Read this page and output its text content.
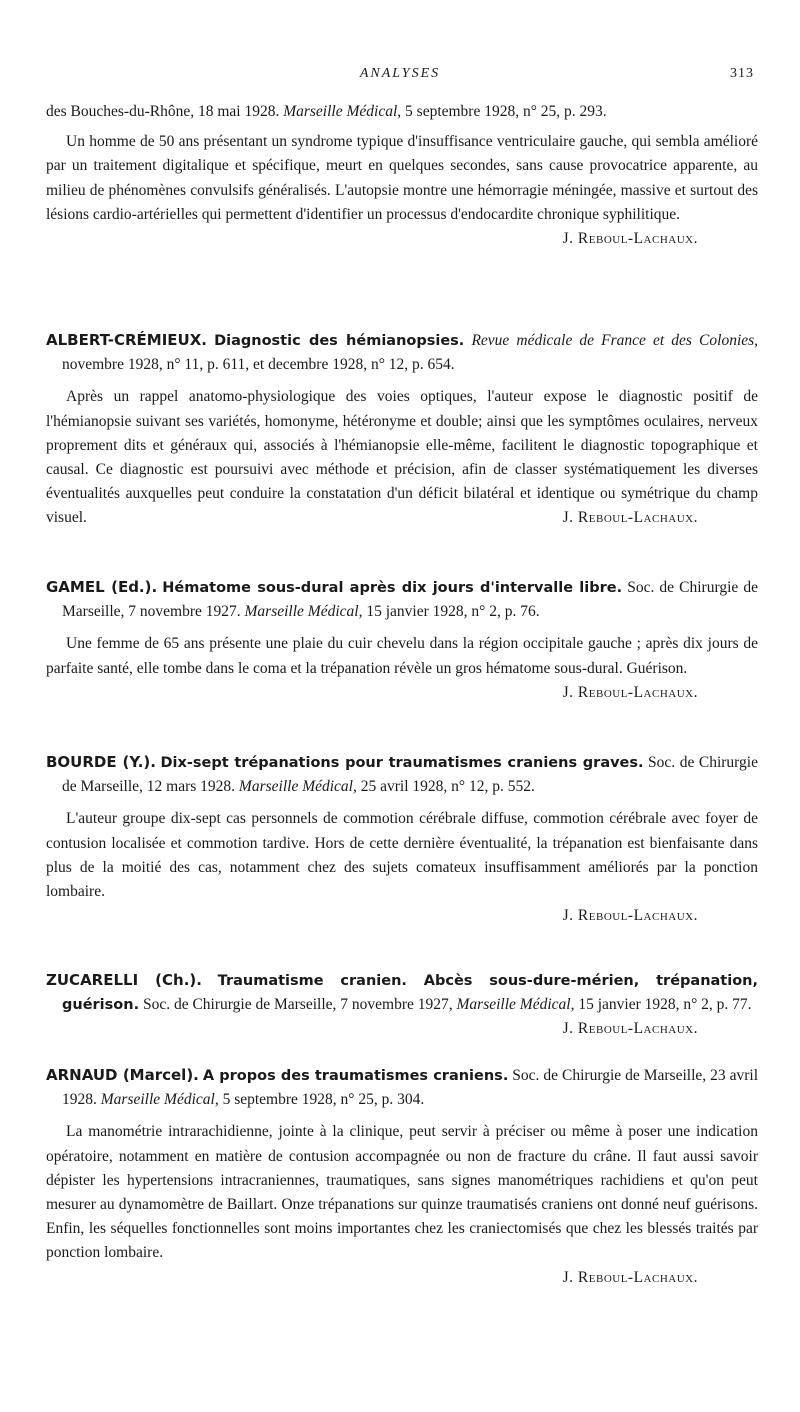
ANALYSES	313

des Bouches-du-Rhône, 18 mai 1928. Marseille Médical, 5 septembre 1928, n° 25, p. 293.

Un homme de 50 ans présentant un syndrome typique d'insuffisance ventriculaire gauche, qui sembla amélioré par un traitement digitalique et spécifique, meurt en quelques secondes, sans cause provocatrice apparente, au milieu de phénomènes convulsifs généralisés. L'autopsie montre une hémorragie méningée, massive et surtout des lésions cardio-artérielles qui permettent d'identifier un processus d'endocardite chronique syphilitique.
J. Reboul-Lachaux.

ALBERT-CRÉMIEUX. Diagnostic des hémianopsies. Revue médicale de France et des Colonies, novembre 1928, n° 11, p. 611, et decembre 1928, n° 12, p. 654.

Après un rappel anatomo-physiologique des voies optiques, l'auteur expose le diagnostic positif de l'hémianopsie suivant ses variétés, homonyme, hétéronyme et double; ainsi que les symptômes oculaires, nerveux proprement dits et généraux qui, associés à l'hémianopsie elle-même, facilitent le diagnostic topographique et causal. Ce diagnostic est poursuivi avec méthode et précision, afin de classer systématiquement les diverses éventualités auxquelles peut conduire la constatation d'un déficit bilatéral et identique ou symétrique du champ visuel.	J. Reboul-Lachaux.

GAMEL (Ed.). Hématome sous-dural après dix jours d'intervalle libre. Soc. de Chirurgie de Marseille, 7 novembre 1927. Marseille Médical, 15 janvier 1928, n° 2, p. 76.

Une femme de 65 ans présente une plaie du cuir chevelu dans la région occipitale gauche ; après dix jours de parfaite santé, elle tombe dans le coma et la trépanation révèle un gros hématome sous-dural. Guérison.
J. Reboul-Lachaux.

BOURDE (Y.). Dix-sept trépanations pour traumatismes craniens graves. Soc. de Chirurgie de Marseille, 12 mars 1928. Marseille Médical, 25 avril 1928, n° 12, p. 552.

L'auteur groupe dix-sept cas personnels de commotion cérébrale diffuse, commotion cérébrale avec foyer de contusion localisée et commotion tardive. Hors de cette dernière éventualité, la trépanation est bienfaisante dans plus de la moitié des cas, notamment chez des sujets comateux insuffisamment améliorés par la ponction lombaire.

J. Reboul-Lachaux.

ZUCARELLI (Ch.). Traumatisme cranien. Abcès sous-dure-mérien, trépanation, guérison. Soc. de Chirurgie de Marseille, 7 novembre 1927, Marseille Médical, 15 janvier 1928, n° 2, p. 77.
J. Reboul-Lachaux.

ARNAUD (Marcel). A propos des traumatismes craniens. Soc. de Chirurgie de Marseille, 23 avril 1928. Marseille Médical, 5 septembre 1928, n° 25, p. 304.

La manométrie intrarachidienne, jointe à la clinique, peut servir à préciser ou même à poser une indication opératoire, notamment en matière de contusion accompagnée ou non de fracture du crâne. Il faut aussi savoir dépister les hypertensions intracraniennes, traumatiques, sans signes manométriques rachidiens et qu'on peut mesurer au dynamomètre de Baillart. Onze trépanations sur quinze traumatisés craniens ont donné neuf guérisons. Enfin, les séquelles fonctionnelles sont moins importantes chez les craniectomisés que chez les blessés traités par ponction lombaire.

J. Reboul-Lachaux.
